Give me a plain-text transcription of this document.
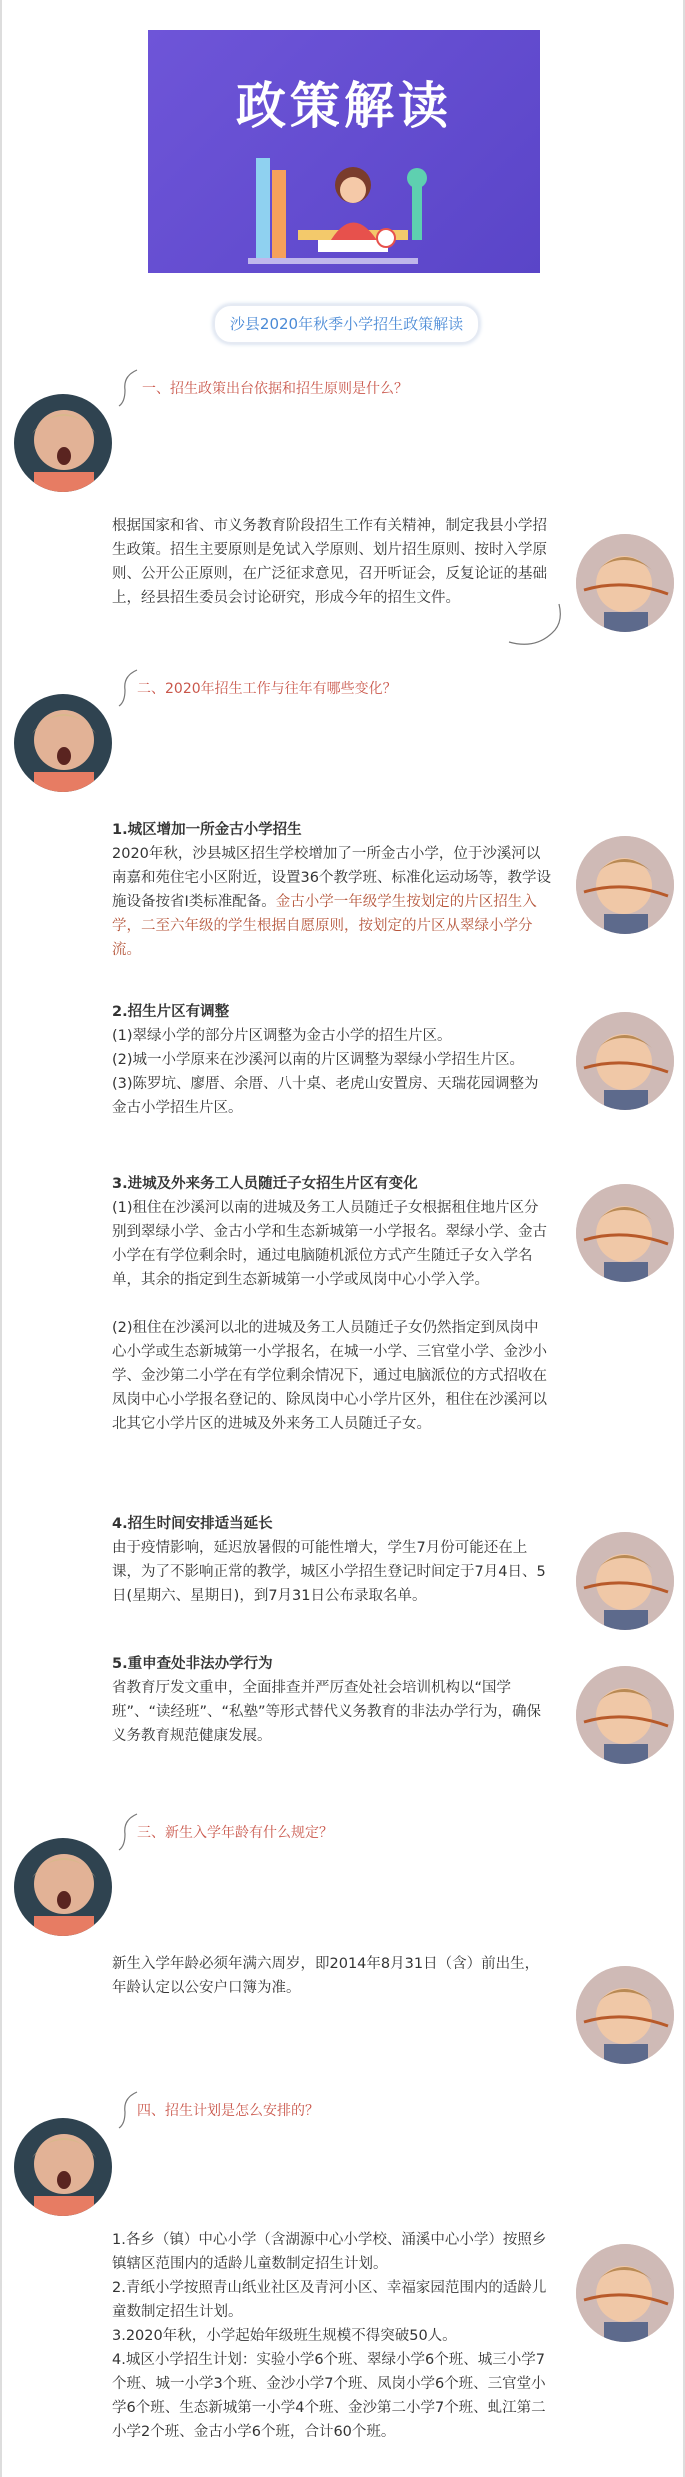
政策解读
沙县2020年秋季小学招生政策解读
一、招生政策出台依据和招生原则是什么？
根据国家和省、市义务教育阶段招生工作有关精神，制定我县小学招生政策。招生主要原则是免试入学原则、划片招生原则、按时入学原则、公开公正原则，在广泛征求意见，召开听证会，反复论证的基础上，经县招生委员会讨论研究，形成今年的招生文件。
二、2020年招生工作与往年有哪些变化？
1.城区增加一所金古小学招生
2020年秋，沙县城区招生学校增加了一所金古小学，位于沙溪河以南嘉和苑住宅小区附近，设置36个教学班、标准化运动场等，教学设施设备按省Ⅰ类标准配备。金古小学一年级学生按划定的片区招生入学，二至六年级的学生根据自愿原则，按划定的片区从翠绿小学分流。
2.招生片区有调整
(1)翠绿小学的部分片区调整为金古小学的招生片区。
(2)城一小学原来在沙溪河以南的片区调整为翠绿小学招生片区。
(3)陈罗坑、廖厝、余厝、八十桌、老虎山安置房、天瑞花园调整为金古小学招生片区。
3.进城及外来务工人员随迁子女招生片区有变化
(1)租住在沙溪河以南的进城及务工人员随迁子女根据租住地片区分别到翠绿小学、金古小学和生态新城第一小学报名。翠绿小学、金古小学在有学位剩余时，通过电脑随机派位方式产生随迁子女入学名单，其余的指定到生态新城第一小学或凤岗中心小学入学。
(2)租住在沙溪河以北的进城及务工人员随迁子女仍然指定到凤岗中心小学或生态新城第一小学报名，在城一小学、三官堂小学、金沙小学、金沙第二小学在有学位剩余情况下，通过电脑派位的方式招收在凤岗中心小学报名登记的、除凤岗中心小学片区外，租住在沙溪河以北其它小学片区的进城及外来务工人员随迁子女。
4.招生时间安排适当延长
由于疫情影响，延迟放暑假的可能性增大，学生7月份可能还在上课，为了不影响正常的教学，城区小学招生登记时间定于7月4日、5日(星期六、星期日)，到7月31日公布录取名单。
5.重申查处非法办学行为
省教育厅发文重申，全面排查并严厉查处社会培训机构以“国学班”、“读经班”、“私塾”等形式替代义务教育的非法办学行为，确保义务教育规范健康发展。
三、新生入学年龄有什么规定？
新生入学年龄必须年满六周岁，即2014年8月31日（含）前出生，年龄认定以公安户口簿为准。
四、招生计划是怎么安排的？
1.各乡（镇）中心小学（含湖源中心小学校、涌溪中心小学）按照乡镇辖区范围内的适龄儿童数制定招生计划。
2.青纸小学按照青山纸业社区及青河小区、幸福家园范围内的适龄儿童数制定招生计划。
3.2020年秋，小学起始年级班生规模不得突破50人。
4.城区小学招生计划：实验小学6个班、翠绿小学6个班、城三小学7个班、城一小学3个班、金沙小学7个班、凤岗小学6个班、三官堂小学6个班、生态新城第一小学4个班、金沙第二小学7个班、虬江第二小学2个班、金古小学6个班，合计60个班。
